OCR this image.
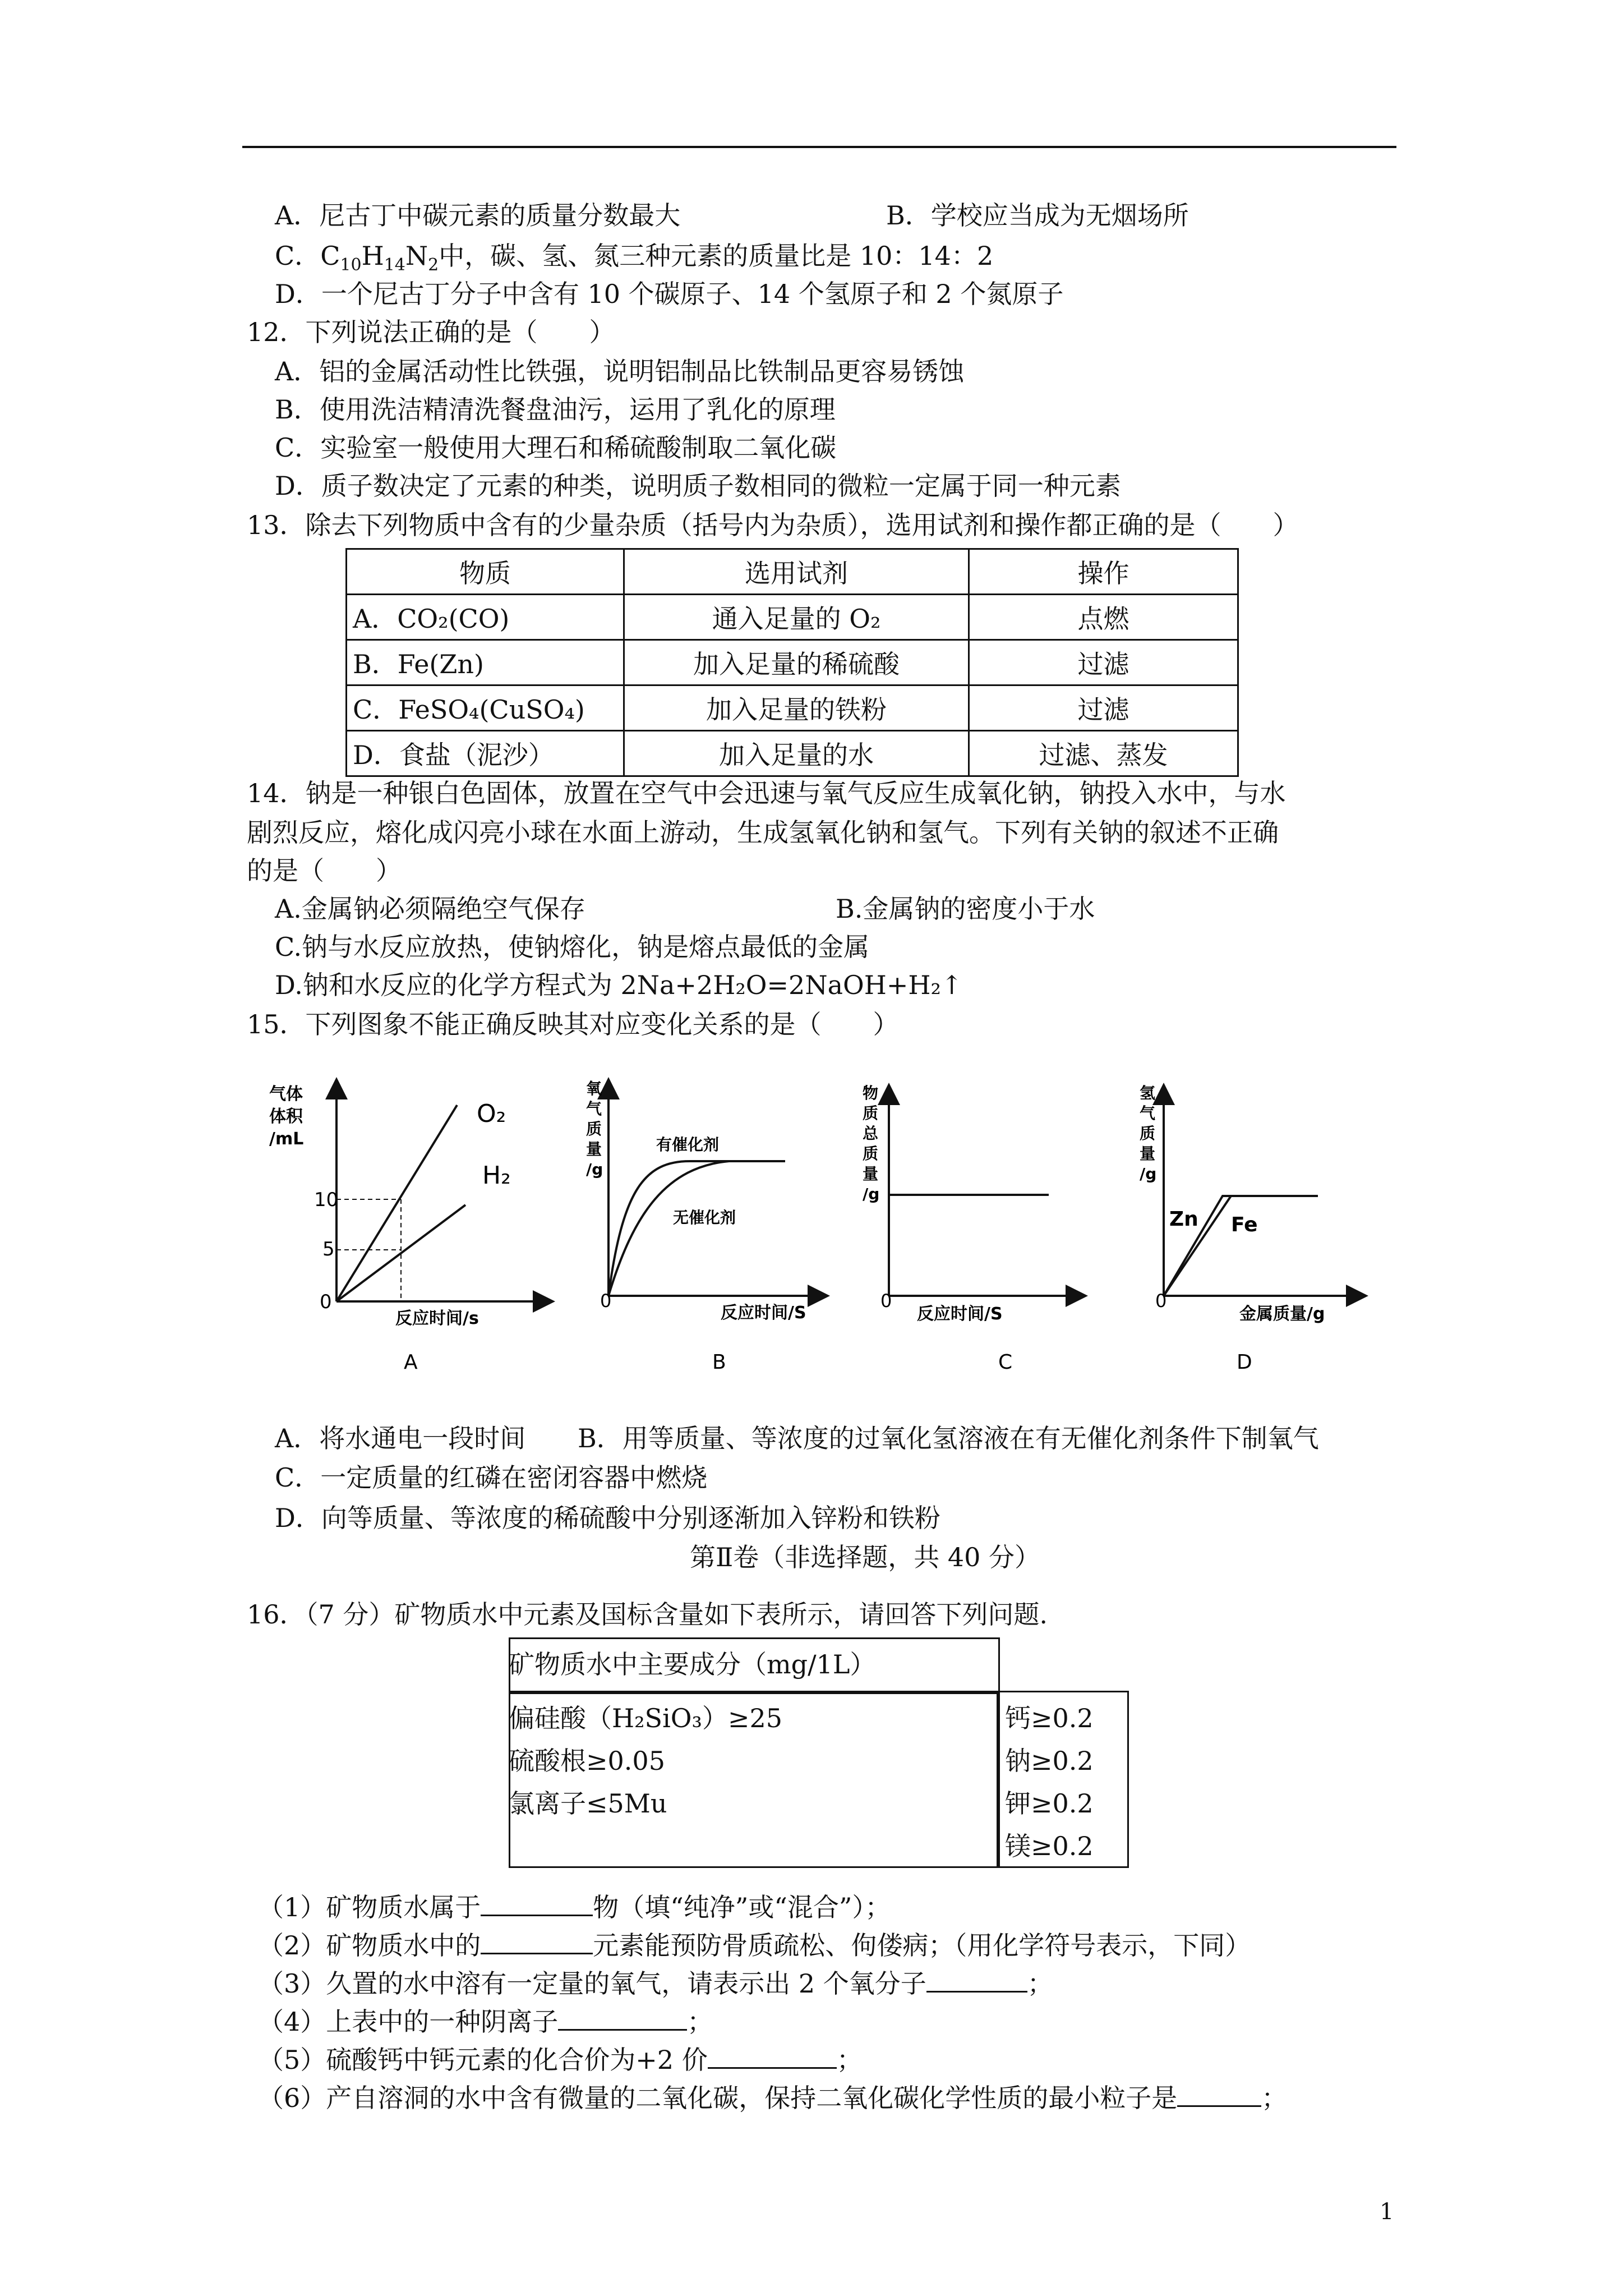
A．尼古丁中碳元素的质量分数最大	B．学校应当成为无烟场所
C．$C_{10}H_{14}N_2$中，碳、氢、氮三种元素的质量比是 10：14：2
D．一个尼古丁分子中含有 10 个碳原子、14 个氢原子和 2 个氮原子
12．下列说法正确的是（　　）
A．铝的金属活动性比铁强，说明铝制品比铁制品更容易锈蚀
B．使用洗洁精清洗餐盘油污，运用了乳化的原理
C．实验室一般使用大理石和稀硫酸制取二氧化碳
D．质子数决定了元素的种类，说明质子数相同的微粒一定属于同一种元素
13．除去下列物质中含有的少量杂质（括号内为杂质），选用试剂和操作都正确的是（　　）
物质	选用试剂	操作
A．CO₂(CO)	通入足量的 O₂	点燃
B．Fe(Zn)	加入足量的稀硫酸	过滤
C．FeSO₄(CuSO₄)	加入足量的铁粉	过滤
D．食盐（泥沙）	加入足量的水	过滤、蒸发
14．钠是一种银白色固体，放置在空气中会迅速与氧气反应生成氧化钠，钠投入水中，与水
剧烈反应，熔化成闪亮小球在水面上游动，生成氢氧化钠和氢气。下列有关钠的叙述不正确
的是（　　）
A.金属钠必须隔绝空气保存	B.金属钠的密度小于水
C.钠与水反应放热，使钠熔化，钠是熔点最低的金属
D.钠和水反应的化学方程式为 2Na+2H₂O=2NaOH+H₂↑
15．下列图象不能正确反映其对应变化关系的是（　　）
气体体积/mL
10
5
0
O₂
H₂
反应时间/s
A
氧气质量/g
有催化剂
无催化剂
0
反应时间/S
B
物质总质量/g
0
反应时间/S
C
氢气质量/g
Zn Fe
0
金属质量/g
D
A．将水通电一段时间 B．用等质量、等浓度的过氧化氢溶液在有无催化剂条件下制氧气
C．一定质量的红磷在密闭容器中燃烧
D．向等质量、等浓度的稀硫酸中分别逐渐加入锌粉和铁粉
第Ⅱ卷（非选择题，共 40 分）
16．（7 分）矿物质水中元素及国标含量如下表所示，请回答下列问题.
矿物质水中主要成分（mg/1L）
偏硅酸（H₂SiO₃）≥25
硫酸根≥0.05
氯离子≤5Mu
钙≥0.2
钠≥0.2
钾≥0.2
镁≥0.2
（1）矿物质水属于	物（填“纯净”或“混合”）；
（2）矿物质水中的	元素能预防骨质疏松、佝偻病；（用化学符号表示，下同）
（3）久置的水中溶有一定量的氧气，请表示出 2 个氧分子	；
（4）上表中的一种阴离子	；
（5）硫酸钙中钙元素的化合价为+2 价	；
（6）产自溶洞的水中含有微量的二氧化碳，保持二氧化碳化学性质的最小粒子是	；
1
